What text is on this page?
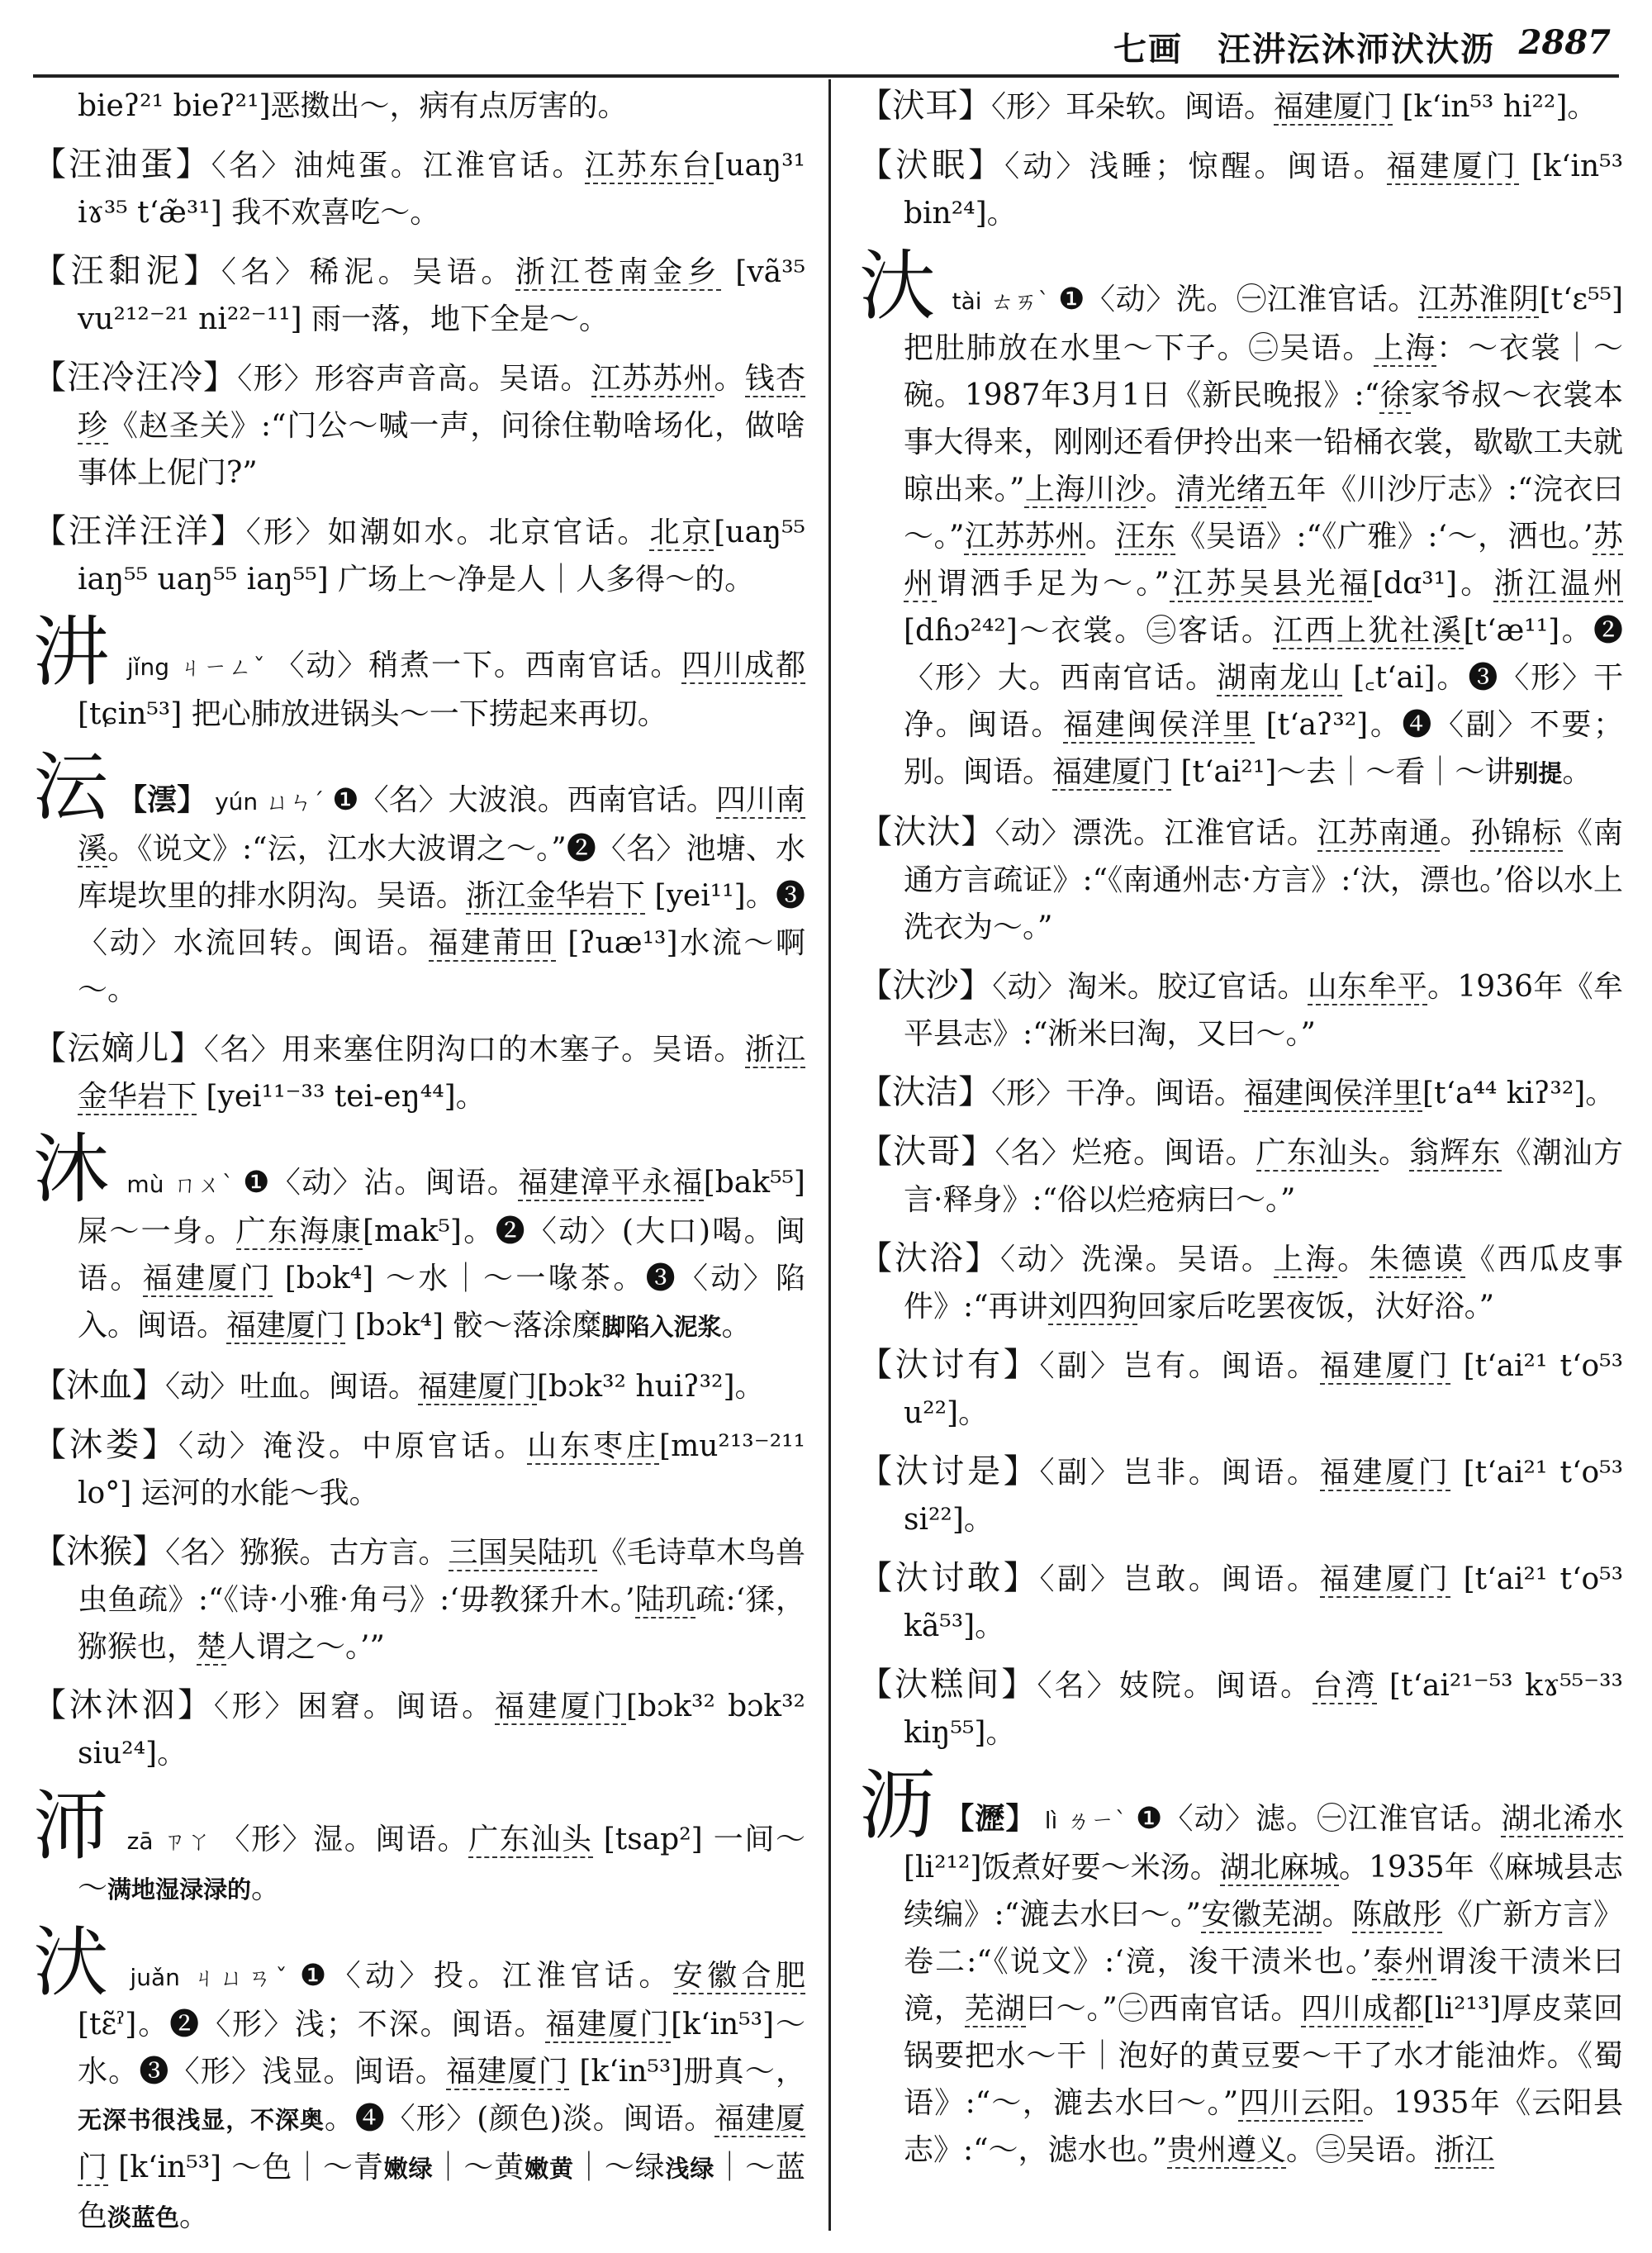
七画　汪汫沄沐沞汱汏沥 2887
bieʔ²¹ bieʔ²¹]恶擞出～，病有点厉害的。
【汪油蛋】〈名〉油炖蛋。江淮官话。江苏东台[uaŋ³¹ iɤ³⁵ t‘æ̃³¹] 我不欢喜吃～。
【汪䵒泥】〈名〉稀泥。吴语。浙江苍南金乡 [vã³⁵ vu²¹²⁻²¹ ni²²⁻¹¹] 雨一落，地下全是～。
【汪冷汪冷】〈形〉形容声音高。吴语。江苏苏州。钱杏珍《赵圣关》:“门公～喊一声，问徐住勒啥场化，做啥事体上伲门?”
【汪洋汪洋】〈形〉如潮如水。北京官话。北京[uaŋ⁵⁵ iaŋ⁵⁵ uaŋ⁵⁵ iaŋ⁵⁵] 广场上～净是人｜人多得～的。
汫jǐng ㄐㄧㄥˇ 〈动〉稍煮一下。西南官话。四川成都[tɕin⁵³] 把心肺放进锅头～一下捞起来再切。
沄 【澐】 yún ㄩㄣˊ ❶〈名〉大波浪。西南官话。四川南溪。《说文》:“沄，江水大波谓之～。”❷〈名〉池塘、水库堤坎里的排水阴沟。吴语。浙江金华岩下 [yei¹¹]。❸〈动〉水流回转。闽语。福建莆田 [ʔuæ¹³]水流～啊～。
【沄嫡儿】〈名〉用来塞住阴沟口的木塞子。吴语。浙江金华岩下 [yei¹¹⁻³³ tei-eŋ⁴⁴]。
沐mù ㄇㄨˋ ❶〈动〉沾。闽语。福建漳平永福[bak⁵⁵]屎～一身。广东海康[mak⁵]。❷〈动〉(大口)喝。闽语。福建厦门 [bɔk⁴] ～水｜～一喙茶。❸〈动〉陷入。闽语。福建厦门 [bɔk⁴] 骹～落涂糜脚陷入泥浆。
【沐血】〈动〉吐血。闽语。福建厦门[bɔk³² huiʔ³²]。
【沐娄】〈动〉淹没。中原官话。山东枣庄[mu²¹³⁻²¹¹ lo°] 运河的水能～我。
【沐猴】〈名〉猕猴。古方言。三国吴陆玑《毛诗草木鸟兽虫鱼疏》:“《诗·小雅·角弓》:‘毋教猱升木。’陆玑疏:‘猱，猕猴也，楚人谓之～。’”
【沐沐泅】〈形〉困窘。闽语。福建厦门[bɔk³² bɔk³² siu²⁴]。
沞zā ㄗㄚ 〈形〉湿。闽语。广东汕头 [tsap²] 一间～～满地湿渌渌的。
汱juǎn ㄐㄩㄢˇ ❶〈动〉投。江淮官话。安徽合肥 [tɛ̃ˀ]。❷〈形〉浅；不深。闽语。福建厦门[k‘in⁵³]～水。❸〈形〉浅显。闽语。福建厦门 [k‘in⁵³]册真～，无深书很浅显，不深奥。❹〈形〉(颜色)淡。闽语。福建厦门 [k‘in⁵³] ～色｜～青嫩绿｜～黄嫩黄｜～绿浅绿｜～蓝色淡蓝色。
【汱耳】〈形〉耳朵软。闽语。福建厦门 [k‘in⁵³ hi²²]。
【汱眠】〈动〉浅睡；惊醒。闽语。福建厦门 [k‘in⁵³ bin²⁴]。
汏tài ㄊㄞˋ ❶〈动〉洗。㊀江淮官话。江苏淮阴[t‘ɛ⁵⁵]把肚肺放在水里～下子。㊁吴语。上海：～衣裳｜～碗。1987年3月1日《新民晚报》:“徐家爷叔～衣裳本事大得来，刚刚还看伊拎出来一铅桶衣裳，歇歇工夫就晾出来。”上海川沙。清光绪五年《川沙厅志》:“浣衣曰～。”江苏苏州。汪东《吴语》:“《广雅》:‘～，洒也。’苏州谓洒手足为～。”江苏吴县光福[dɑ³¹]。浙江温州[dɦɔ²⁴²]～衣裳。㊂客话。江西上犹社溪[t‘æ¹¹]。❷〈形〉大。西南官话。湖南龙山 [꜀t‘ai]。❸〈形〉干净。闽语。福建闽侯洋里 [t‘aʔ³²]。❹〈副〉不要；别。闽语。福建厦门 [t‘ai²¹]～去｜～看｜～讲别提。
【汏汏】〈动〉漂洗。江淮官话。江苏南通。孙锦标《南通方言疏证》:“《南通州志·方言》:‘汏，漂也。’俗以水上洗衣为～。”
【汏沙】〈动〉淘米。胶辽官话。山东牟平。1936年《牟平县志》:“淅米曰淘，又曰～。”
【汏洁】〈形〉干净。闽语。福建闽侯洋里[t‘a⁴⁴ kiʔ³²]。
【汏哥】〈名〉烂疮。闽语。广东汕头。翁辉东《潮汕方言·释身》:“俗以烂疮病曰～。”
【汏浴】〈动〉洗澡。吴语。上海。朱德谟《西瓜皮事件》:“再讲刘四狗回家后吃罢夜饭，汏好浴。”
【汏讨有】〈副〉岂有。闽语。福建厦门 [t‘ai²¹ t‘o⁵³ u²²]。
【汏讨是】〈副〉岂非。闽语。福建厦门 [t‘ai²¹ t‘o⁵³ si²²]。
【汏讨敢】〈副〉岂敢。闽语。福建厦门 [t‘ai²¹ t‘o⁵³ kã⁵³]。
【汏糕间】〈名〉妓院。闽语。台湾 [t‘ai²¹⁻⁵³ kɤ⁵⁵⁻³³ kiŋ⁵⁵]。
沥 【瀝】 lì ㄌㄧˋ ❶〈动〉滤。㊀江淮官话。湖北浠水[li²¹²]饭煮好要～米汤。湖北麻城。1935年《麻城县志续编》:“漉去水曰～。”安徽芜湖。陈啟彤《广新方言》卷二:“《说文》:‘滰，浚干渍米也。’泰州谓浚干渍米曰滰，芜湖曰～。”㊁西南官话。四川成都[li²¹³]厚皮菜回锅要把水～干｜泡好的黄豆要～干了水才能油炸。《蜀语》:“～，漉去水曰～。”四川云阳。1935年《云阳县志》:“～，滤水也。”贵州遵义。㊂吴语。浙江
